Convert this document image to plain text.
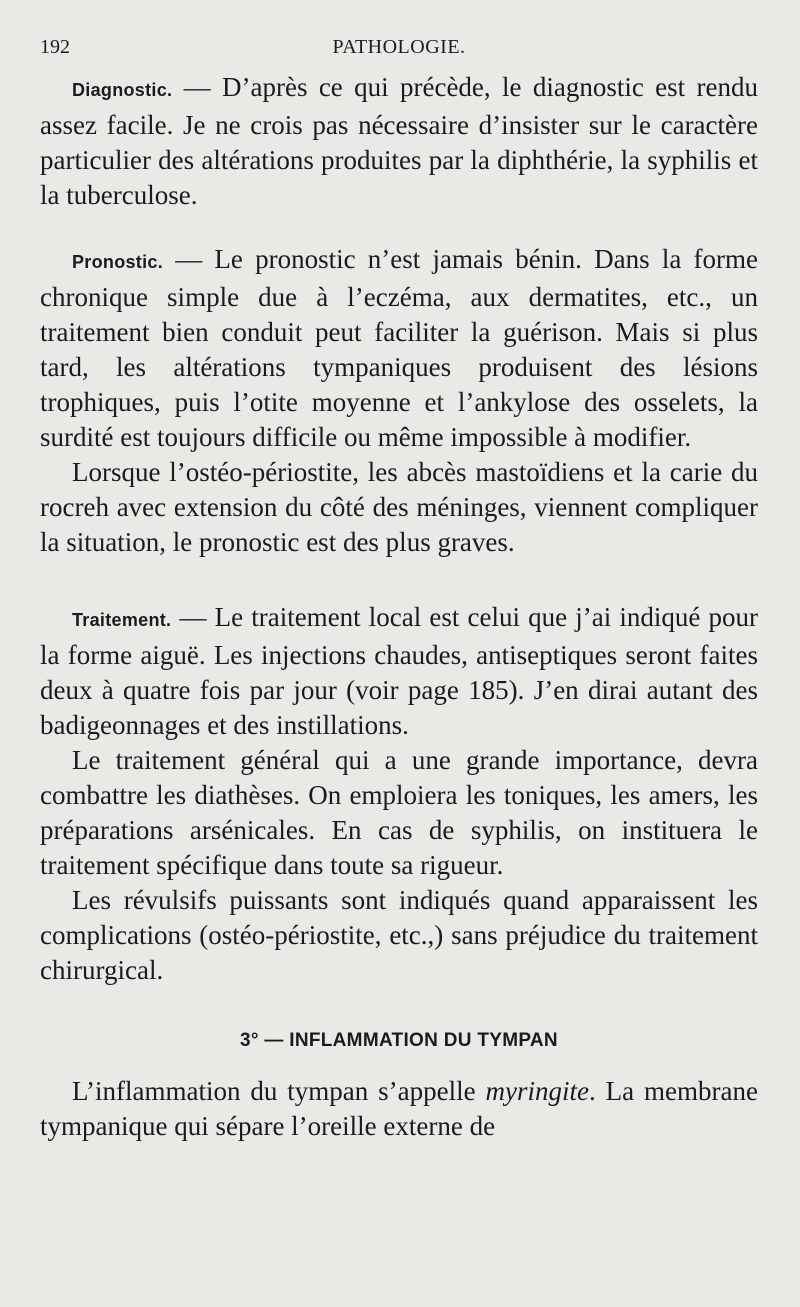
192	PATHOLOGIE.

Diagnostic. — D’après ce qui précède, le diagnostic est rendu assez facile. Je ne crois pas nécessaire d’insister sur le caractère particulier des altérations produites par la diphthérie, la syphilis et la tuberculose.

Pronostic. — Le pronostic n’est jamais bénin. Dans la forme chronique simple due à l’eczéma, aux dermatites, etc., un traitement bien conduit peut faciliter la guérison. Mais si plus tard, les altérations tympaniques produisent des lésions trophiques, puis l’otite moyenne et l’ankylose des osselets, la surdité est toujours difficile ou même impossible à modifier.

Lorsque l’ostéo-périostite, les abcès mastoïdiens et la carie du rocreh avec extension du côté des méninges, viennent compliquer la situation, le pronostic est des plus graves.

Traitement. — Le traitement local est celui que j’ai indiqué pour la forme aiguë. Les injections chaudes, antiseptiques seront faites deux à quatre fois par jour (voir page 185). J’en dirai autant des badigeonnages et des instillations.

Le traitement général qui a une grande importance, devra combattre les diathèses. On emploiera les toniques, les amers, les préparations arsénicales. En cas de syphilis, on instituera le traitement spécifique dans toute sa rigueur.

Les révulsifs puissants sont indiqués quand apparaissent les complications (ostéo-périostite, etc.,) sans préjudice du traitement chirurgical.

3° — INFLAMMATION DU TYMPAN

L’inflammation du tympan s’appelle myringite. La membrane tympanique qui sépare l’oreille externe de
